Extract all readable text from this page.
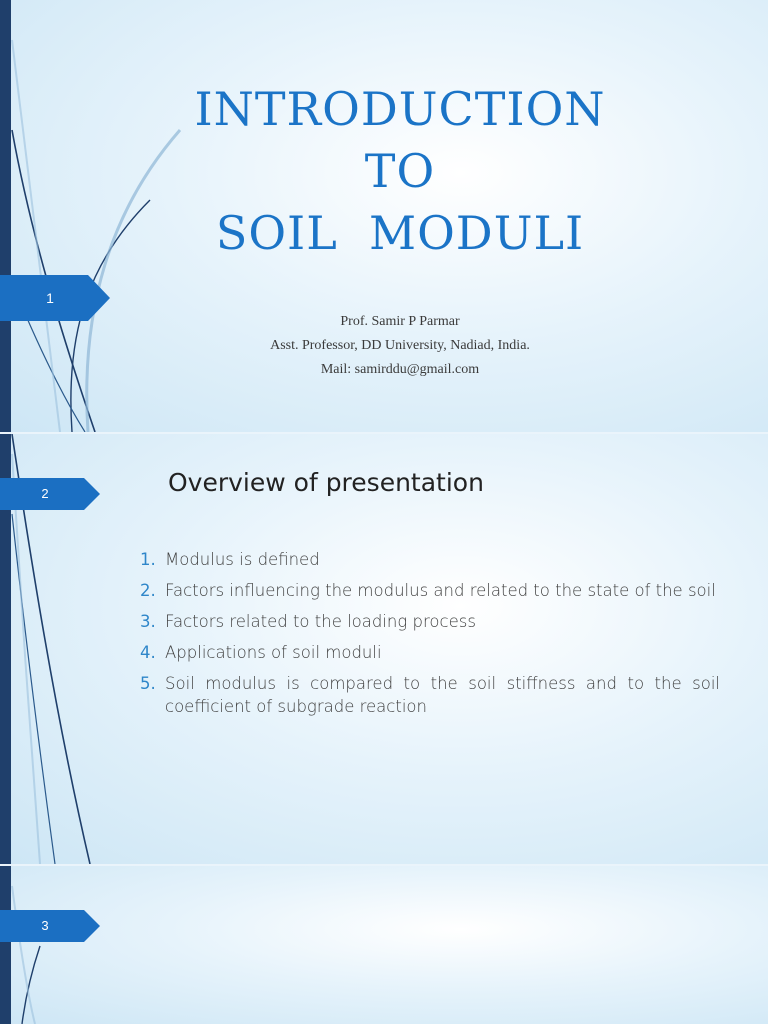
1
INTRODUCTION
TO
SOIL  MODULI
Prof. Samir P Parmar
Asst. Professor, DD University, Nadiad, India.
Mail: samirddu@gmail.com
2	Overview of presentation
1. Modulus is defined
2. Factors influencing the modulus and related to the state of the soil
3. Factors related to the loading process
4. Applications of soil moduli
5. Soil modulus is compared to the soil stiffness and to the soil coefficient of subgrade reaction
3
